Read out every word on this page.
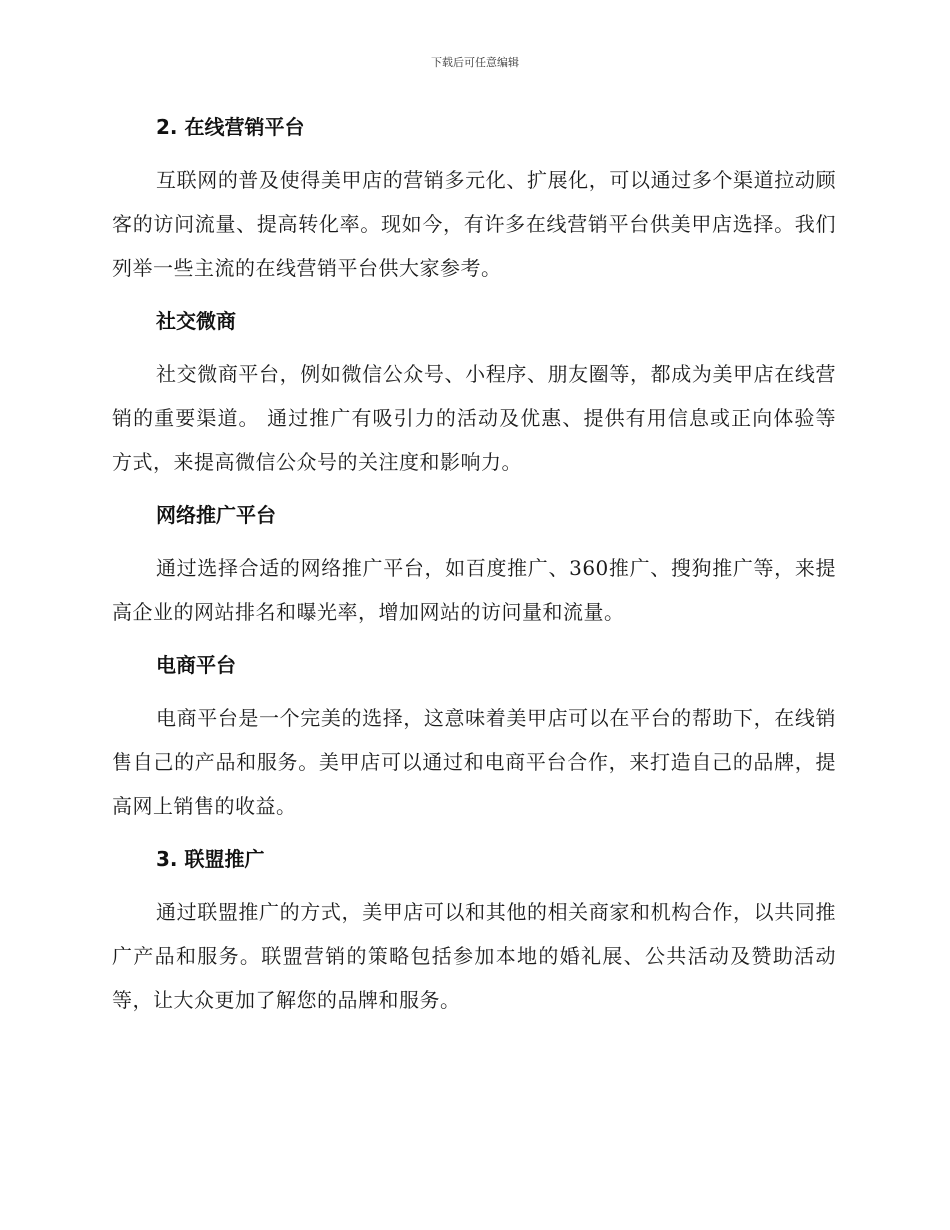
下载后可任意编辑
2. 在线营销平台

互联网的普及使得美甲店的营销多元化、扩展化，可以通过多个渠道拉动顾客的访问流量、提高转化率。现如今，有许多在线营销平台供美甲店选择。我们列举一些主流的在线营销平台供大家参考。

社交微商

社交微商平台，例如微信公众号、小程序、朋友圈等，都成为美甲店在线营销的重要渠道。 通过推广有吸引力的活动及优惠、提供有用信息或正向体验等方式，来提高微信公众号的关注度和影响力。

网络推广平台

通过选择合适的网络推广平台，如百度推广、360推广、搜狗推广等，来提高企业的网站排名和曝光率，增加网站的访问量和流量。

电商平台

电商平台是一个完美的选择，这意味着美甲店可以在平台的帮助下，在线销售自己的产品和服务。美甲店可以通过和电商平台合作，来打造自己的品牌，提高网上销售的收益。

3. 联盟推广

通过联盟推广的方式，美甲店可以和其他的相关商家和机构合作，以共同推广产品和服务。联盟营销的策略包括参加本地的婚礼展、公共活动及赞助活动等，让大众更加了解您的品牌和服务。
